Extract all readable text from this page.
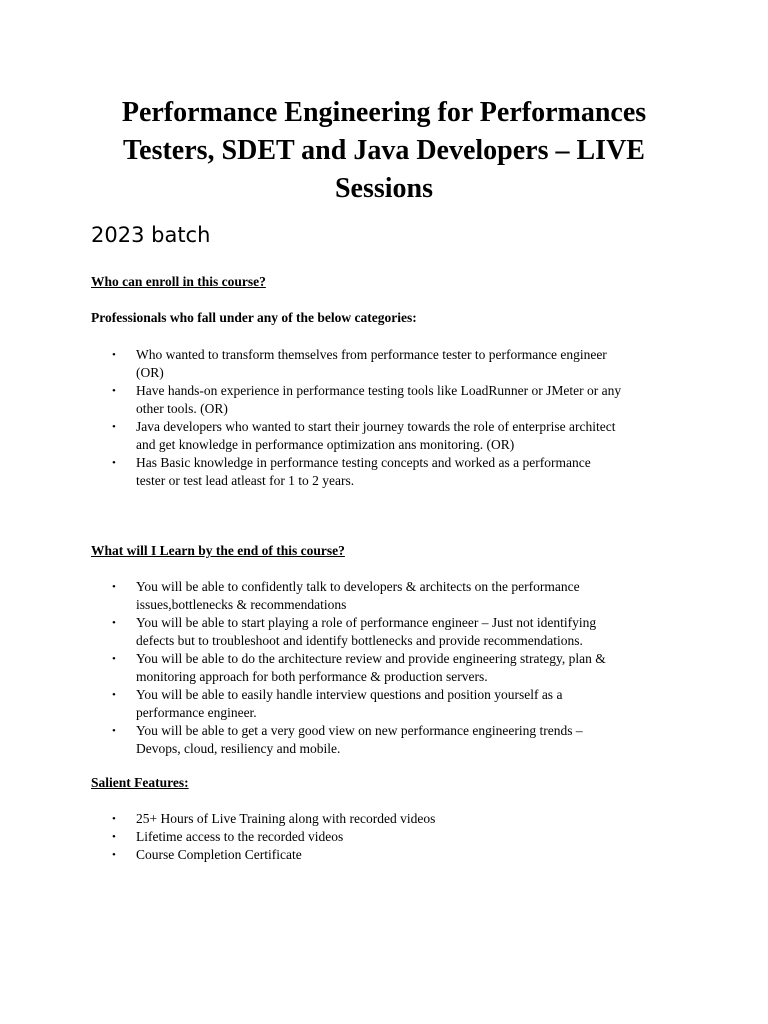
Performance Engineering for Performances
Testers, SDET and Java Developers – LIVE
Sessions
2023 batch
Who can enroll in this course?
Professionals who fall under any of the below categories:
• Who wanted to transform themselves from performance tester to performance engineer
(OR)
• Have hands-on experience in performance testing tools like LoadRunner or JMeter or any
other tools. (OR)
• Java developers who wanted to start their journey towards the role of enterprise architect
and get knowledge in performance optimization ans monitoring. (OR)
• Has Basic knowledge in performance testing concepts and worked as a performance
tester or test lead atleast for 1 to 2 years.
What will I Learn by the end of this course?
• You will be able to confidently talk to developers & architects on the performance
issues,bottlenecks & recommendations
• You will be able to start playing a role of performance engineer – Just not identifying
defects but to troubleshoot and identify bottlenecks and provide recommendations.
• You will be able to do the architecture review and provide engineering strategy, plan &
monitoring approach for both performance & production servers.
• You will be able to easily handle interview questions and position yourself as a
performance engineer.
• You will be able to get a very good view on new performance engineering trends –
Devops, cloud, resiliency and mobile.
Salient Features:
• 25+ Hours of Live Training along with recorded videos
• Lifetime access to the recorded videos
• Course Completion Certificate
